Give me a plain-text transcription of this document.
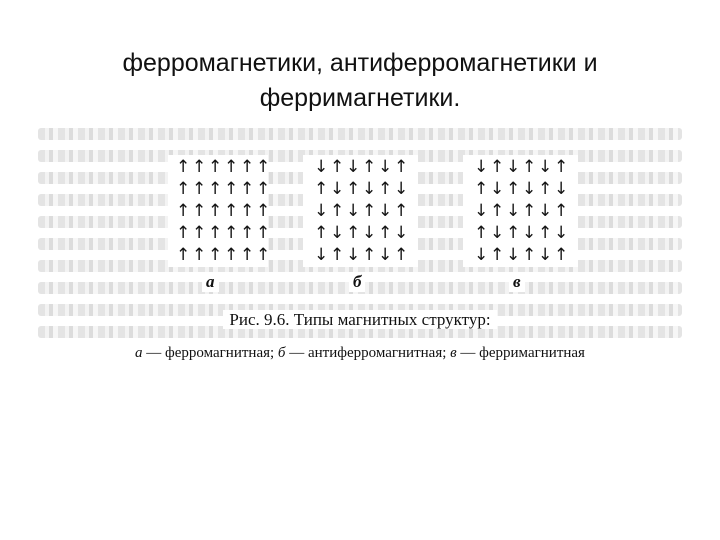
ферромагнетики, антиферромагнетики и ферримагнетики.
↑ ↑ ↑ ↑ ↑ ↑
↑ ↑ ↑ ↑ ↑ ↑
↑ ↑ ↑ ↑ ↑ ↑
↑ ↑ ↑ ↑ ↑ ↑
↑ ↑ ↑ ↑ ↑ ↑
↓ ↑ ↓ ↑ ↓ ↑
↑ ↓ ↑ ↓ ↑ ↓
↓ ↑ ↓ ↑ ↓ ↑
↑ ↓ ↑ ↓ ↑ ↓
↓ ↑ ↓ ↑ ↓ ↑
↓ ↑ ↓ ↑ ↓ ↑
↑ ↓ ↑ ↓ ↑ ↓
↓ ↑ ↓ ↑ ↓ ↑
↑ ↓ ↑ ↓ ↑ ↓
↓ ↑ ↓ ↑ ↓ ↑
а	б	в
Рис. 9.6. Типы магнитных структур:
а — ферромагнитная; б — антиферромагнитная; в — ферримагнитная
